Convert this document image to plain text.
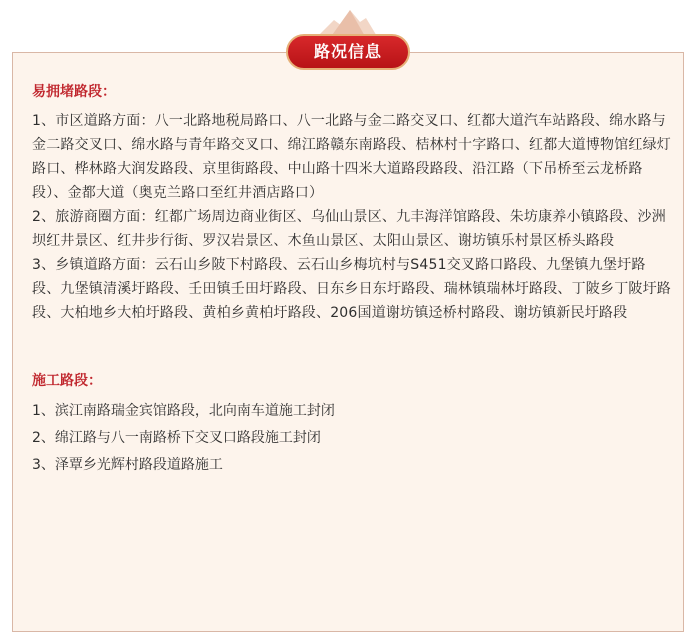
路况信息
易拥堵路段：

1、市区道路方面：八一北路地税局路口、八一北路与金二路交叉口、红都大道汽车站路段、绵水路与金二路交叉口、绵水路与青年路交叉口、绵江路赣东南路段、桔林村十字路口、红都大道博物馆红绿灯路口、桦林路大润发路段、京里街路段、中山路十四米大道路段路段、沿江路（下吊桥至云龙桥路段）、金都大道（奥克兰路口至红井酒店路口）

2、旅游商圈方面：红都广场周边商业街区、乌仙山景区、九丰海洋馆路段、朱坊康养小镇路段、沙洲坝红井景区、红井步行街、罗汉岩景区、木鱼山景区、太阳山景区、谢坊镇乐村景区桥头路段

3、乡镇道路方面：云石山乡陂下村路段、云石山乡梅坑村与S451交叉路口路段、九堡镇九堡圩路段、九堡镇清溪圩路段、壬田镇壬田圩路段、日东乡日东圩路段、瑞林镇瑞林圩路段、丁陂乡丁陂圩路段、大柏地乡大柏圩路段、黄柏乡黄柏圩路段、206国道谢坊镇迳桥村路段、谢坊镇新民圩路段

施工路段：

1、滨江南路瑞金宾馆路段，北向南车道施工封闭

2、绵江路与八一南路桥下交叉口路段施工封闭

3、泽覃乡光辉村路段道路施工
